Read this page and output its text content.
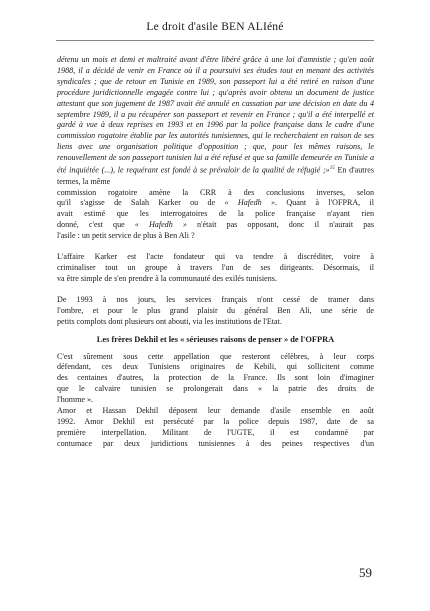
Le droit d'asile BEN ALIéné
détenu un mois et demi et maltraité avant d'être libéré grâce à une loi d'amnistie ; qu'en août 1988, il a décidé de venir en France où il a poursuivi ses études tout en menant des activités syndicales ; que de retour en Tunisie en 1989, son passeport lui a été retiré en raison d'une procédure juridictionnelle engagée contre lui ; qu'après avoir obtenu un document de justice attestant que son jugement de 1987 avait été annulé en cassation par une décision en date du 4 septembre 1989, il a pu récupérer son passeport et revenir en France ; qu'il a été interpellé et gardé à vue à deux reprises en 1993 et en 1996 par la police française dans le cadre d'une commission rogatoire établie par les autorités tunisiennes, qui le recherchaient en raison de ses liens avec une organisation politique d'opposition ; que, pour les mêmes raisons, le renouvellement de son passeport tunisien lui a été refusé et que sa famille demeurée en Tunisie a été inquiétée (...), le requérant est fondé à se prévaloir de la qualité de réfugié ;»$^{15}$ En d'autres termes, la même
commission rogatoire amène la CRR à des conclusions inverses, selon
qu'il s'agisse de Salah Karker ou de « Hafedh ». Quant à l'OFPRA, il
avait estimé que les interrogatoires de la police française n'ayant rien
donné, c'est que « Hafedh » n'était pas opposant, donc il n'aurait pas
l'asile : un petit service de plus à Ben Ali ?
L'affaire Karker est l'acte fondateur qui va tendre à discréditer, voire à
criminaliser tout un groupe à travers l'un de ses dirigeants. Désormais, il
va être simple de s'en prendre à la communauté des exilés tunisiens.
De 1993 à nos jours, les services français n'ont cessé de tramer dans
l'ombre, et pour le plus grand plaisir du général Ben Ali, une série de
petits complots dont plusieurs ont abouti, via les institutions de l'Etat.
Les frères Dekhil et les « sérieuses raisons de penser » de l'OFPRA
C'est sûrement sous cette appellation que resteront célèbres, à leur corps
défendant, ces deux Tunisiens originaires de Kebili, qui sollicitent comme
des centaines d'autres, la protection de la France. Ils sont loin d'imaginer
que le calvaire tunisien se prolongerait dans « la patrie des droits de
l'homme ».
Amor et Hassan Dekhil déposent leur demande d'asile ensemble en août
1992. Amor Dekhil est persécuté par la police depuis 1987, date de sa
première interpellation. Militant de l'UGTE, il est condamné par
contumace par deux juridictions tunisiennes à des peines respectives d'un
59
